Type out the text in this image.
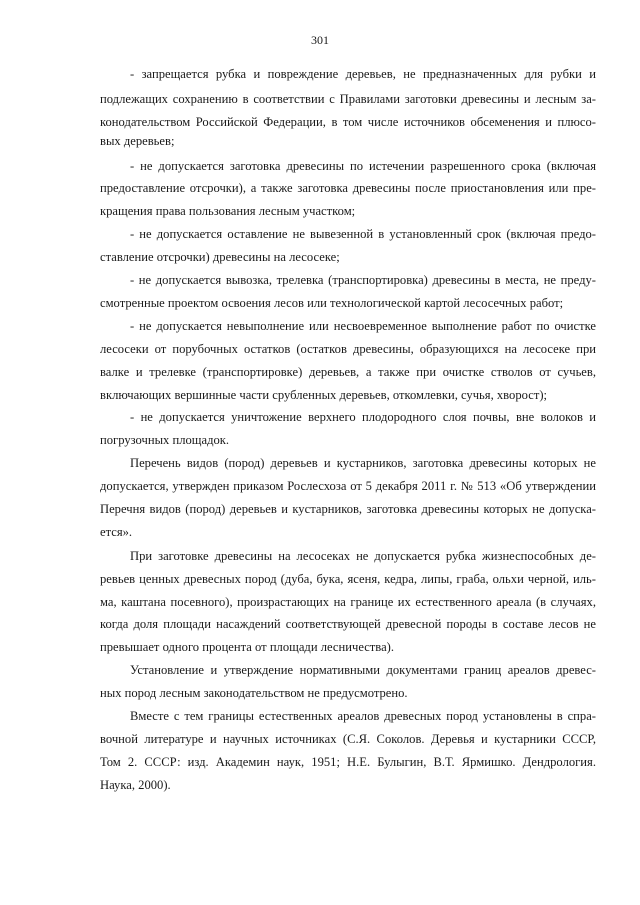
301
- запрещается рубка и повреждение деревьев, не предназначенных для рубки и
подлежащих сохранению в соответствии с Правилами заготовки древесины и лесным за-
конодательством Российской Федерации, в том числе источников обсеменения и плюсо-
вых деревьев;
- не допускается заготовка древесины по истечении разрешенного срока (включая
предоставление отсрочки), а также заготовка древесины после приостановления или пре-
кращения права пользования лесным участком;
- не допускается оставление не вывезенной в установленный срок (включая предо-
ставление отсрочки) древесины на лесосеке;
- не допускается вывозка, трелевка (транспортировка) древесины в места, не преду-
смотренные проектом освоения лесов или технологической картой лесосечных работ;
- не допускается невыполнение или несвоевременное выполнение работ по очистке
лесосеки от порубочных остатков (остатков древесины, образующихся на лесосеке при
валке и трелевке (транспортировке) деревьев, а также при очистке стволов от сучьев,
включающих вершинные части срубленных деревьев, откомлевки, сучья, хворост);
- не допускается уничтожение верхнего плодородного слоя почвы, вне волоков и
погрузочных площадок.
Перечень видов (пород) деревьев и кустарников, заготовка древесины которых не
допускается, утвержден приказом Рослесхоза от 5 декабря 2011 г. № 513 «Об утверждении
Перечня видов (пород) деревьев и кустарников, заготовка древесины которых не допуска-
ется».
При заготовке древесины на лесосеках не допускается рубка жизнеспособных де-
ревьев ценных древесных пород (дуба, бука, ясеня, кедра, липы, граба, ольхи черной, иль-
ма, каштана посевного), произрастающих на границе их естественного ареала (в случаях,
когда доля площади насаждений соответствующей древесной породы в составе лесов не
превышает одного процента от площади лесничества).
Установление и утверждение нормативными документами границ ареалов древес-
ных пород лесным законодательством не предусмотрено.
Вместе с тем границы естественных ареалов древесных пород установлены в спра-
вочной литературе и научных источниках (С.Я. Соколов. Деревья и кустарники СССР,
Том 2. СССР: изд. Академин наук, 1951; Н.Е. Булыгин, В.Т. Ярмишко. Дендрология.
Наука, 2000).
